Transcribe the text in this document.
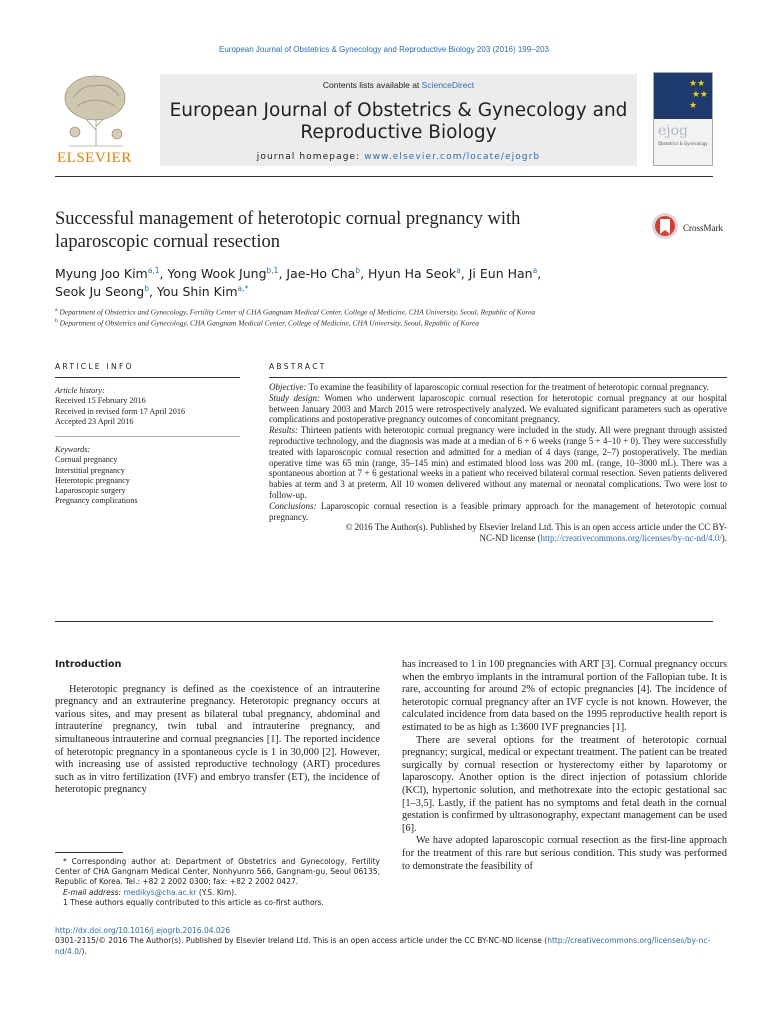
European Journal of Obstetrics & Gynecology and Reproductive Biology 203 (2016) 199–203
ELSEVIER
Contents lists available at ScienceDirect
European Journal of Obstetrics & Gynecology and
Reproductive Biology
journal homepage: www.elsevier.com/locate/ejogrb
★★
★★
★
ejog
Obstetrics & Gynecology
Successful management of heterotopic cornual pregnancy with
laparoscopic cornual resection
CrossMark
Myung Joo Kim$^{a,1}$, Yong Wook Jung$^{b,1}$, Jae-Ho Cha$^b$, Hyun Ha Seok$^a$, Ji Eun Han$^a$,
Seok Ju Seong$^b$, You Shin Kim$^{a,*}$
$^a$ Department of Obstetrics and Gynecology, Fertility Center of CHA Gangnam Medical Center, College of Medicine, CHA University, Seoul, Republic of Korea
$^b$ Department of Obstetrics and Gynecology, CHA Gangnam Medical Center, College of Medicine, CHA University, Seoul, Republic of Korea
ARTICLE INFO	ABSTRACT
Article history:
Received 15 February 2016
Received in revised form 17 April 2016
Accepted 23 April 2016
Keywords:
Cornual pregnancy
Interstitial pregnancy
Heterotopic pregnancy
Laparoscopic surgery
Pregnancy complications

Objective: To examine the feasibility of laparoscopic cornual resection for the treatment of heterotopic cornual pregnancy.

Study design: Women who underwent laparoscopic cornual resection for heterotopic cornual pregnancy at our hospital between January 2003 and March 2015 were retrospectively analyzed. We evaluated significant parameters such as operative complications and postoperative pregnancy outcomes of concomitant pregnancy.

Results: Thirteen patients with heterotopic cornual pregnancy were included in the study. All were pregnant through assisted reproductive technology, and the diagnosis was made at a median of 6 + 6 weeks (range 5 + 4–10 + 0). They were successfully treated with laparoscopic cornual resection and admitted for a median of 4 days (range, 2–7) postoperatively. The median operative time was 65 min (range, 35–145 min) and estimated blood loss was 200 mL (range, 10–3000 mL). There was a spontaneous abortion at 7 + 6 gestational weeks in a patient who received bilateral cornual resection. Seven patients delivered babies at term and 3 at preterm. All 10 women delivered without any maternal or neonatal complications. Two were lost to follow-up.

Conclusions: Laparoscopic cornual resection is a feasible primary approach for the management of heterotopic cornual pregnancy.

© 2016 The Author(s). Published by Elsevier Ireland Ltd. This is an open access article under the CC BY-
NC-ND license (http://creativecommons.org/licenses/by-nc-nd/4.0/).

Introduction

Heterotopic pregnancy is defined as the coexistence of an intrauterine pregnancy and an extrauterine pregnancy. Heterotopic pregnancy occurs at various sites, and may present as bilateral tubal pregnancy, abdominal and intrauterine pregnancy, twin tubal and intrauterine pregnancy, and simultaneous intrauterine and cornual pregnancies [1]. The reported incidence of heterotopic pregnancy in a spontaneous cycle is 1 in 30,000 [2]. However, with increasing use of assisted reproductive technology (ART) procedures such as in vitro fertilization (IVF) and embryo transfer (ET), the incidence of heterotopic pregnancy

has increased to 1 in 100 pregnancies with ART [3]. Cornual pregnancy occurs when the embryo implants in the intramural portion of the Fallopian tube. It is rare, accounting for around 2% of ectopic pregnancies [4]. The incidence of heterotopic cornual pregnancy after an IVF cycle is not known. However, the calculated incidence from data based on the 1995 reproductive health report is estimated to be as high as 1:3600 IVF pregnancies [1].

There are several options for the treatment of heterotopic cornual pregnancy; surgical, medical or expectant treatment. The patient can be treated surgically by cornual resection or hysterectomy either by laparotomy or laparoscopy. Another option is the direct injection of potassium chloride (KCl), hypertonic solution, and methotrexate into the ectopic gestational sac [1–3,5]. Lastly, if the patient has no symptoms and fetal death in the cornual gestation is confirmed by ultrasonography, expectant management can be used [6].

We have adopted laparoscopic cornual resection as the first-line approach for the treatment of this rare but serious condition. This study was performed to demonstrate the feasibility of

* Corresponding author at: Department of Obstetrics and Gynecology, Fertility Center of CHA Gangnam Medical Center, Nonhyunro 566, Gangnam-gu, Seoul 06135, Republic of Korea. Tel.: +82 2 2002 0300; fax: +82 2 2002 0427.

E-mail address: medikys@cha.ac.kr (Y.S. Kim).

1 These authors equally contributed to this article as co-first authors.

http://dx.doi.org/10.1016/j.ejogrb.2016.04.026
0301-2115/© 2016 The Author(s). Published by Elsevier Ireland Ltd. This is an open access article under the CC BY-NC-ND license (http://creativecommons.org/licenses/by-nc-nd/4.0/).
